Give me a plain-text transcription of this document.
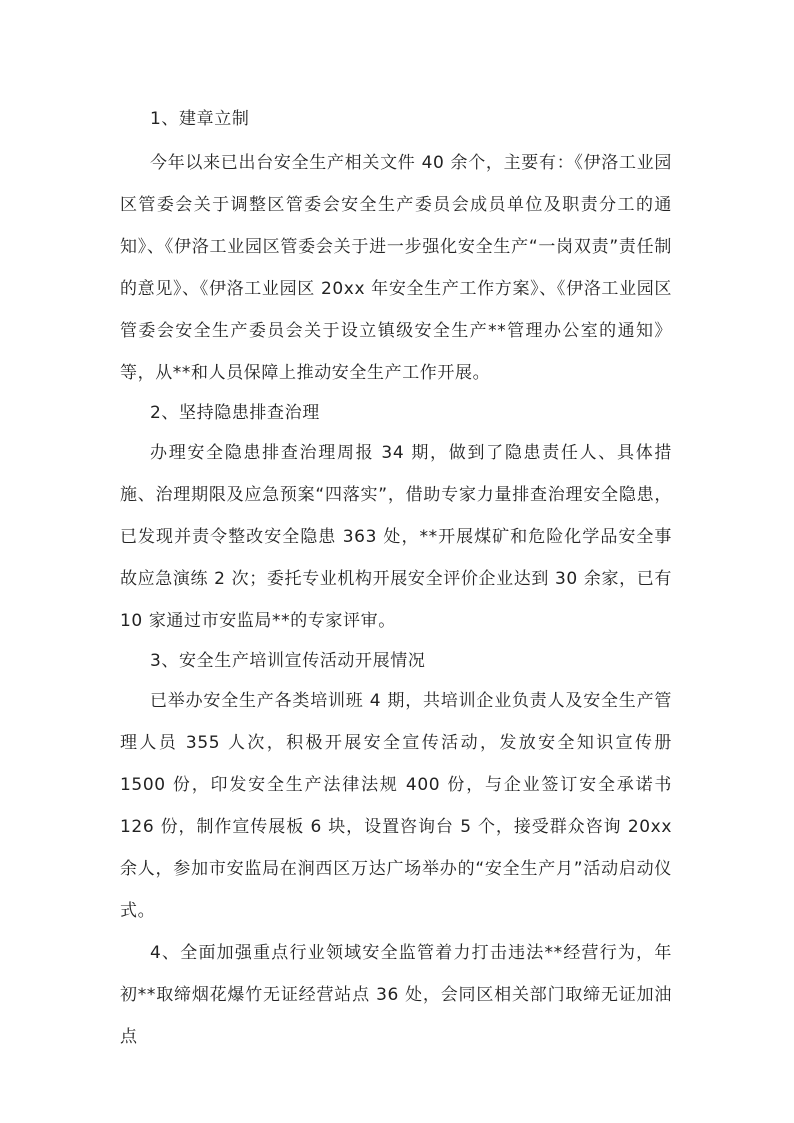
1、建章立制

今年以来已出台安全生产相关文件 40 余个，主要有：《伊洛工业园区管委会关于调整区管委会安全生产委员会成员单位及职责分工的通知》、《伊洛工业园区管委会关于进一步强化安全生产“一岗双责”责任制的意见》、《伊洛工业园区 20xx 年安全生产工作方案》、《伊洛工业园区管委会安全生产委员会关于设立镇级安全生产**管理办公室的通知》等，从**和人员保障上推动安全生产工作开展。

2、坚持隐患排查治理

办理安全隐患排查治理周报 34 期，做到了隐患责任人、具体措施、治理期限及应急预案“四落实”，借助专家力量排查治理安全隐患，已发现并责令整改安全隐患 363 处，**开展煤矿和危险化学品安全事故应急演练 2 次；委托专业机构开展安全评价企业达到 30 余家，已有 10 家通过市安监局**的专家评审。

3、安全生产培训宣传活动开展情况

已举办安全生产各类培训班 4 期，共培训企业负责人及安全生产管理人员 355 人次，积极开展安全宣传活动，发放安全知识宣传册 1500 份，印发安全生产法律法规 400 份，与企业签订安全承诺书 126 份，制作宣传展板 6 块，设置咨询台 5 个，接受群众咨询 20xx 余人，参加市安监局在涧西区万达广场举办的“安全生产月”活动启动仪式。

4、全面加强重点行业领域安全监管着力打击违法**经营行为，年初**取缔烟花爆竹无证经营站点 36 处，会同区相关部门取缔无证加油点
